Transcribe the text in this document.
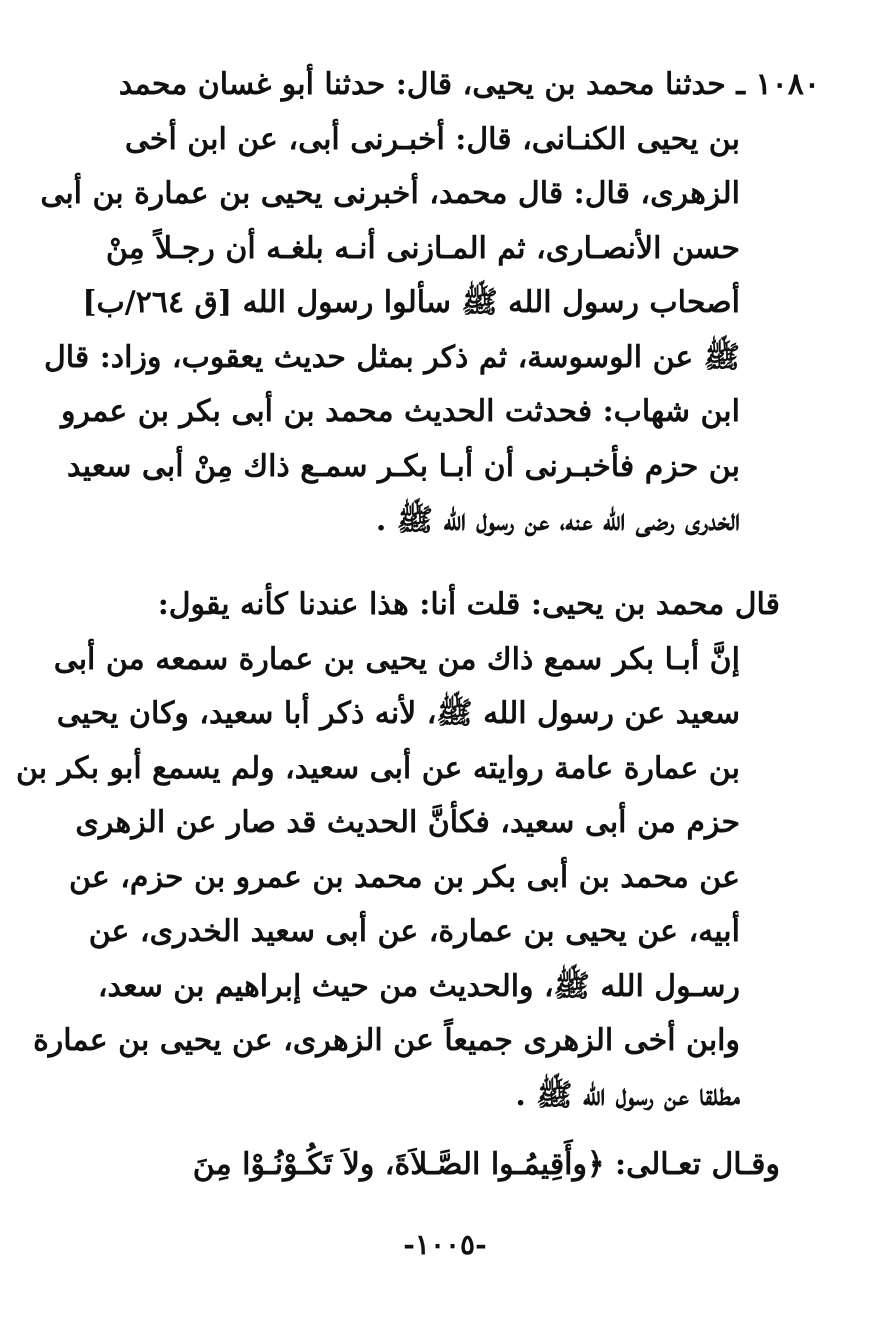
١٠٨٠ ـ حدثنا محمد بن يحيى، قال: حدثنا أبو غسان محمد
بن يحيى الكنـانى، قال: أخبـرنى أبى، عن ابن أخى
الزهرى، قال: قال محمد، أخبرنى يحيى بن عمارة بن أبى
حسن الأنصـارى، ثم المـازنى أنـه بلغـه أن رجـلاً مِنْ
أصحاب رسول الله ﷺ سألوا رسول الله [ق ٢٦٤/ب]
ﷺ عن الوسوسة، ثم ذكر بمثل حديث يعقوب، وزاد: قال
ابن شهاب: فحدثت الحديث محمد بن أبى بكر بن عمرو
بن حزم فأخبـرنى أن أبـا بكـر سمـع ذاك مِنْ أبى سعيد
الخدرى رضى الله عنه، عن رسول الله ﷺ .
قال محمد بن يحيى: قلت أنا: هذا عندنا كأنه يقول:
إنَّ أبـا بكر سمع ذاك من يحيى بن عمارة سمعه من أبى
سعيد عن رسول الله ﷺ، لأنه ذكر أبا سعيد، وكان يحيى
بن عمارة عامة روايته عن أبى سعيد، ولم يسمع أبو بكر بن
حزم من أبى سعيد، فكأنَّ الحديث قد صار عن الزهرى
عن محمد بن أبى بكر بن محمد بن عمرو بن حزم، عن
أبيه، عن يحيى بن عمارة، عن أبى سعيد الخدرى، عن
رسـول الله ﷺ، والحديث من حيث إبراهيم بن سعد،
وابن أخى الزهرى جميعاً عن الزهرى، عن يحيى بن عمارة
مطلقا عن رسول الله ﷺ .
وقـال تعـالى: ﴿وأَقِيمُـوا الصَّـلاَةَ، ولاَ تَكُـوْنُـوْا مِنَ
-١٠٠٥-
